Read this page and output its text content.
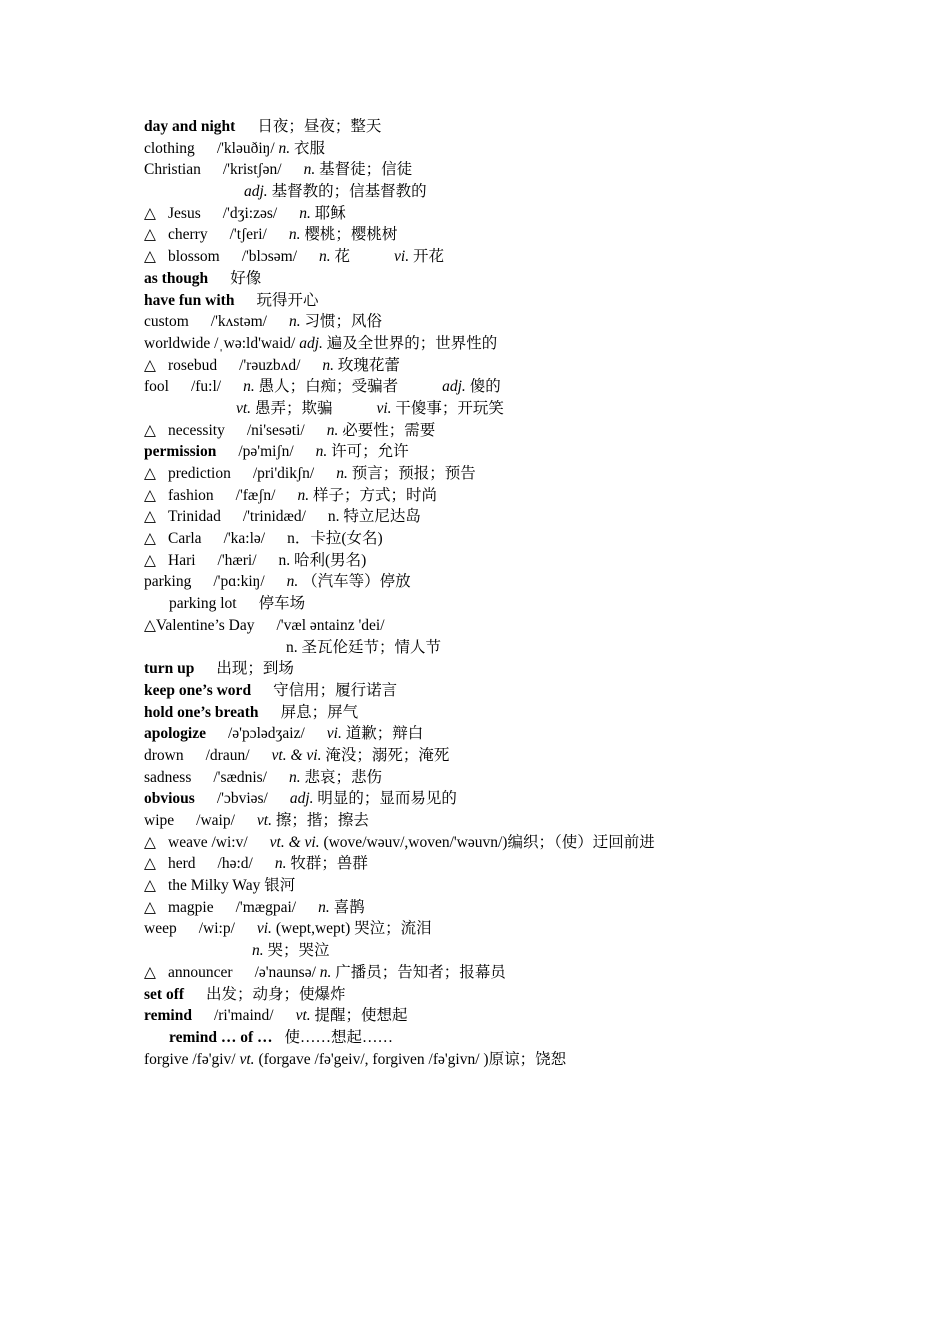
day and night 日夜；昼夜；整天
clothing /'kləuðiŋ/ n. 衣服
Christian /'kristʃən/ n. 基督徒；信徒
adj. 基督教的；信基督教的
△ Jesus /'dʒi:zəs/ n. 耶稣
△ cherry /'tʃeri/ n. 樱桃；樱桃树
△ blossom /'blɔsəm/ n. 花	vi. 开花
as though 好像
have fun with 玩得开心
custom /'kʌstəm/ n. 习惯；风俗
worldwide /ˌwə:ld'waid/ adj. 遍及全世界的；世界性的
△ rosebud /'rəuzbʌd/ n. 玫瑰花蕾
fool /fu:l/ n. 愚人；白痴；受骗者	adj. 傻的
vt. 愚弄；欺骗	vi. 干傻事；开玩笑
△ necessity /ni'sesəti/ n. 必要性；需要
permission /pə'miʃn/ n. 许可；允许
△ prediction /pri'dikʃn/ n. 预言；预报；预告
△ fashion /'fæʃn/ n. 样子；方式；时尚
△ Trinidad /'trinidæd/ n. 特立尼达岛
△ Carla /'ka:lə/ n．卡拉(女名)
△ Hari /'hæri/ n. 哈利(男名)
parking /'pɑ:kiŋ/ n. （汽车等）停放
parking lot 停车场
△Valentine’s Day /'væl əntainz 'dei/
n. 圣瓦伦廷节；情人节
turn up 出现；到场
keep one’s word 守信用；履行诺言
hold one’s breath 屏息；屏气
apologize /ə'pɔlədʒaiz/ vi. 道歉；辩白
drown /draun/ vt. & vi. 淹没；溺死；淹死
sadness /'sædnis/ n. 悲哀；悲伤
obvious /'ɔbviəs/ adj. 明显的；显而易见的
wipe /waip/ vt. 擦；揩；擦去
△ weave /wi:v/ vt. & vi. (wove/wəuv/,woven/'wəuvn/)编织；（使）迂回前进
△ herd /hə:d/ n. 牧群；兽群
△ the Milky Way 银河
△ magpie /'mægpai/ n. 喜鹊
weep /wi:p/ vi. (wept,wept) 哭泣；流泪
n. 哭；哭泣
△ announcer /ə'naunsə/ n. 广播员；告知者；报幕员
set off 出发；动身；使爆炸
remind /ri'maind/ vt. 提醒；使想起
remind … of … 使……想起……
forgive /fə'giv/ vt. (forgave /fə'geiv/, forgiven /fə'givn/ )原谅；饶恕
